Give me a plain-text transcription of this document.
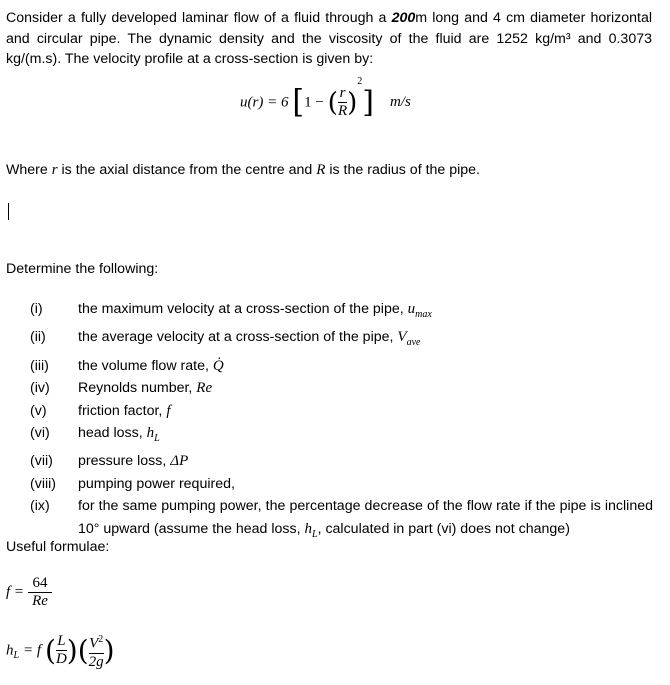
Consider a fully developed laminar flow of a fluid through a 200m long and 4 cm diameter horizontal and circular pipe. The dynamic density and the viscosity of the fluid are 1252 kg/m³ and 0.3073 kg/(m.s). The velocity profile at a cross-section is given by:

u(r) = 6 [1 − ( $\frac{r}{R} )^2$] m/s

Where r is the axial distance from the centre and R is the radius of the pipe.

Determine the following:

(i)	the maximum velocity at a cross-section of the pipe, $u_{max}$
(ii)	the average velocity at a cross-section of the pipe, $V_{ave}$
(iii)	the volume flow rate, Q̇
(iv)	Reynolds number, Re
(v)	friction factor, f
(vi)	head loss, $h_L$
(vii)	pressure loss, ΔP
(viii)	pumping power required,
(ix)	for the same pumping power, the percentage decrease of the flow rate if the pipe is inclined 10° upward (assume the head loss, $h_L$, calculated in part (vi) does not change)

Useful formulae:

$f = \frac{64}{Re}$
$h_L = f$ ( $\frac{L}{D}$ )( $\frac{V^2}{2g}$ )
